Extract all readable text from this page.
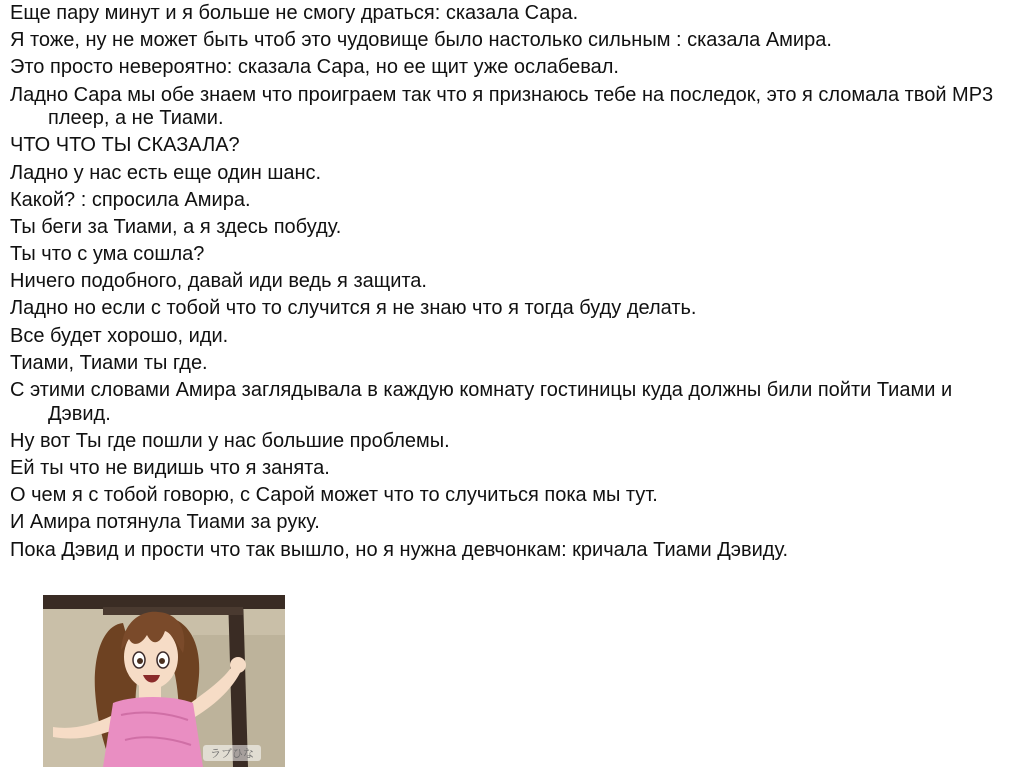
Еще пару минут и я больше не смогу драться: сказала Сара.

Я тоже, ну не может быть чтоб это чудовище было настолько сильным : сказала Амира.

Это просто невероятно: сказала Сара, но ее щит уже ослабевал.

Ладно Сара мы обе знаем что проиграем так что я признаюсь тебе на последок, это я сломала твой MP3 плеер, а не Тиами.

ЧТО ЧТО ТЫ СКАЗАЛА?

Ладно у нас есть еще один шанс.

Какой? : спросила Амира.

Ты беги за Тиами, а я здесь побуду.

Ты что с ума сошла?

Ничего подобного, давай иди ведь я защита.

Ладно но если с тобой что то случится я не знаю что я тогда буду делать.

Все будет хорошо, иди.

Тиами, Тиами ты где.

С этими словами Амира заглядывала в каждую комнату гостиницы куда должны били пойти Тиами и Дэвид.

Ну вот Ты где пошли у нас большие проблемы.

Ей ты что не видишь что я занята.

О чем я с тобой говорю, с Сарой может что то случиться пока мы тут.

И Амира потянула Тиами за руку.

Пока Дэвид и прости что так вышло, но я нужна девчонкам: кричала Тиами Дэвиду.

ラブひな
